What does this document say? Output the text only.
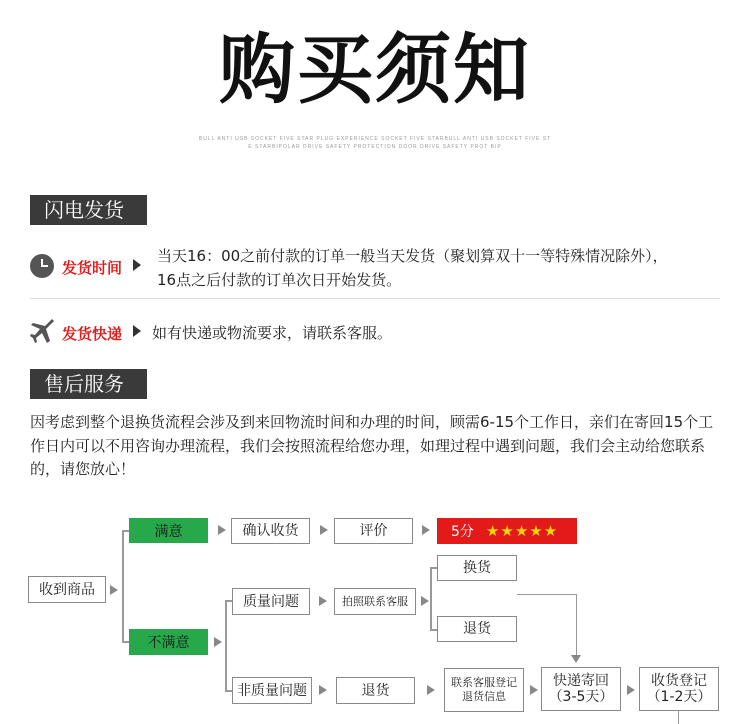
购买须知
BULL ANTI USB SOCKET FIVE STAR PLUG EXPERIENCE SOCKET FIVE STARBULL ANTI USB SOCKET FIVE ST
E STARBIPOLAR DRIVE SAFETY PROTECTION DOOR DRIVE SAFETY PROT BIP
闪电发货
发货时间
当天16：00之前付款的订单一般当天发货（聚划算双十一等特殊情况除外），
16点之后付款的订单次日开始发货。
发货快递 如有快递或物流要求，请联系客服。
售后服务
因考虑到整个退换货流程会涉及到来回物流时间和办理的时间，顾需6-15个工作日，亲们在寄回15个工作日内可以不用咨询办理流程，我们会按照流程给您办理，如理过程中遇到问题，我们会主动给您联系的，请您放心！
收到商品
满意	确认收货	评价	5分 ★★★★★
不满意
质量问题	拍照联系客服
换货
退货
非质量问题	退货	联系客服登记
退货信息
快递寄回
（3-5天）
收货登记
（1-2天）
